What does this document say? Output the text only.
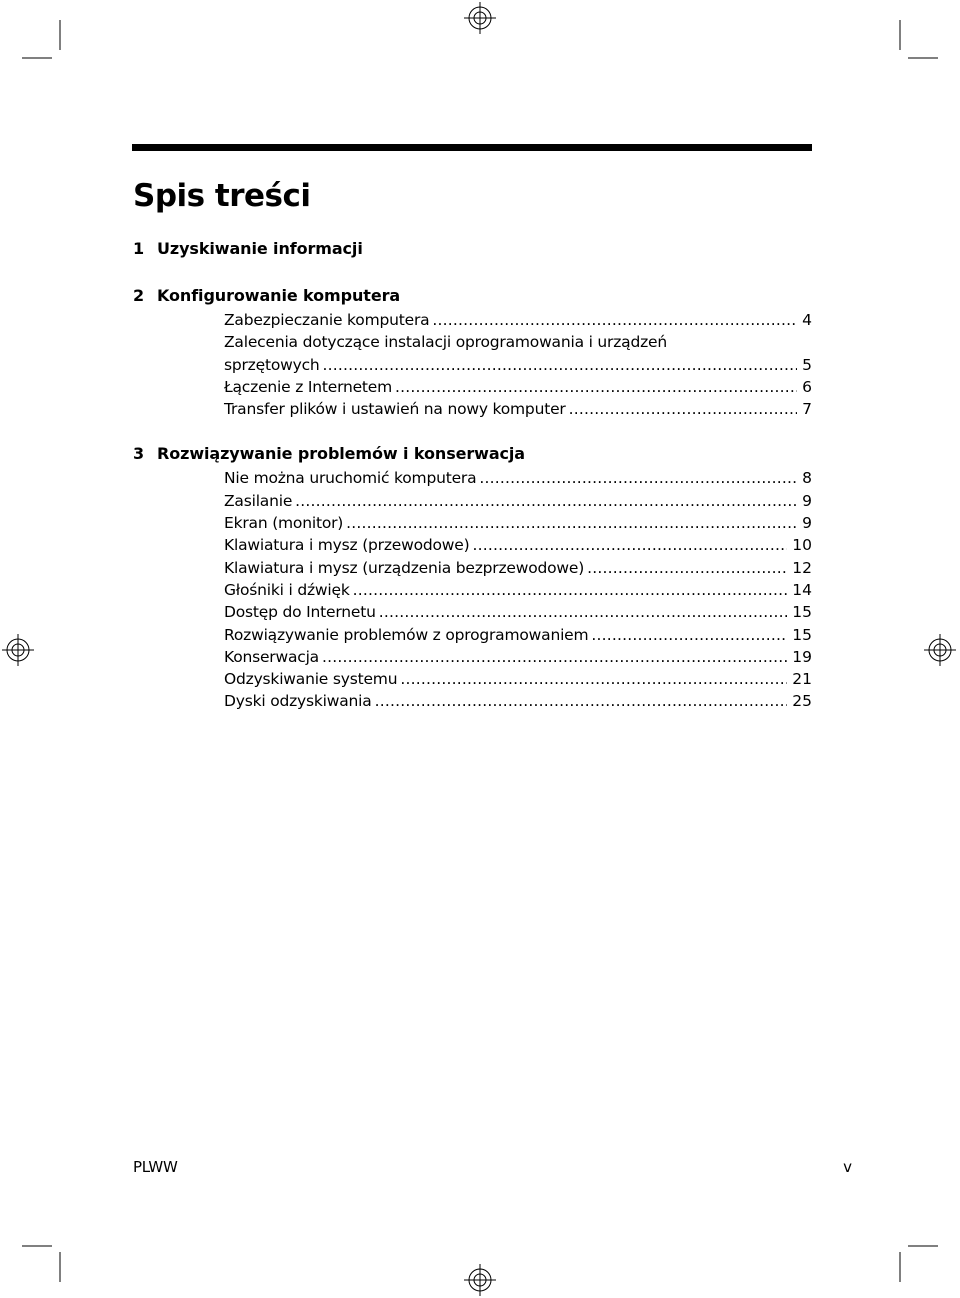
Spis treści
1 Uzyskiwanie informacji
2 Konfigurowanie komputera
Zabezpieczanie komputera .....	4
Zalecenia dotyczące instalacji oprogramowania i urządzeń
sprzętowych .....	5
Łączenie z Internetem .....	6
Transfer plików i ustawień na nowy komputer .....	7
3 Rozwiązywanie problemów i konserwacja
Nie można uruchomić komputera .....	8
Zasilanie .....	9
Ekran (monitor) .....	9
Klawiatura i mysz (przewodowe) .....	10
Klawiatura i mysz (urządzenia bezprzewodowe) .....	12
Głośniki i dźwięk .....	14
Dostęp do Internetu .....	15
Rozwiązywanie problemów z oprogramowaniem .....	15
Konserwacja .....	19
Odzyskiwanie systemu .....	21
Dyski odzyskiwania .....	25
PLWW	v
